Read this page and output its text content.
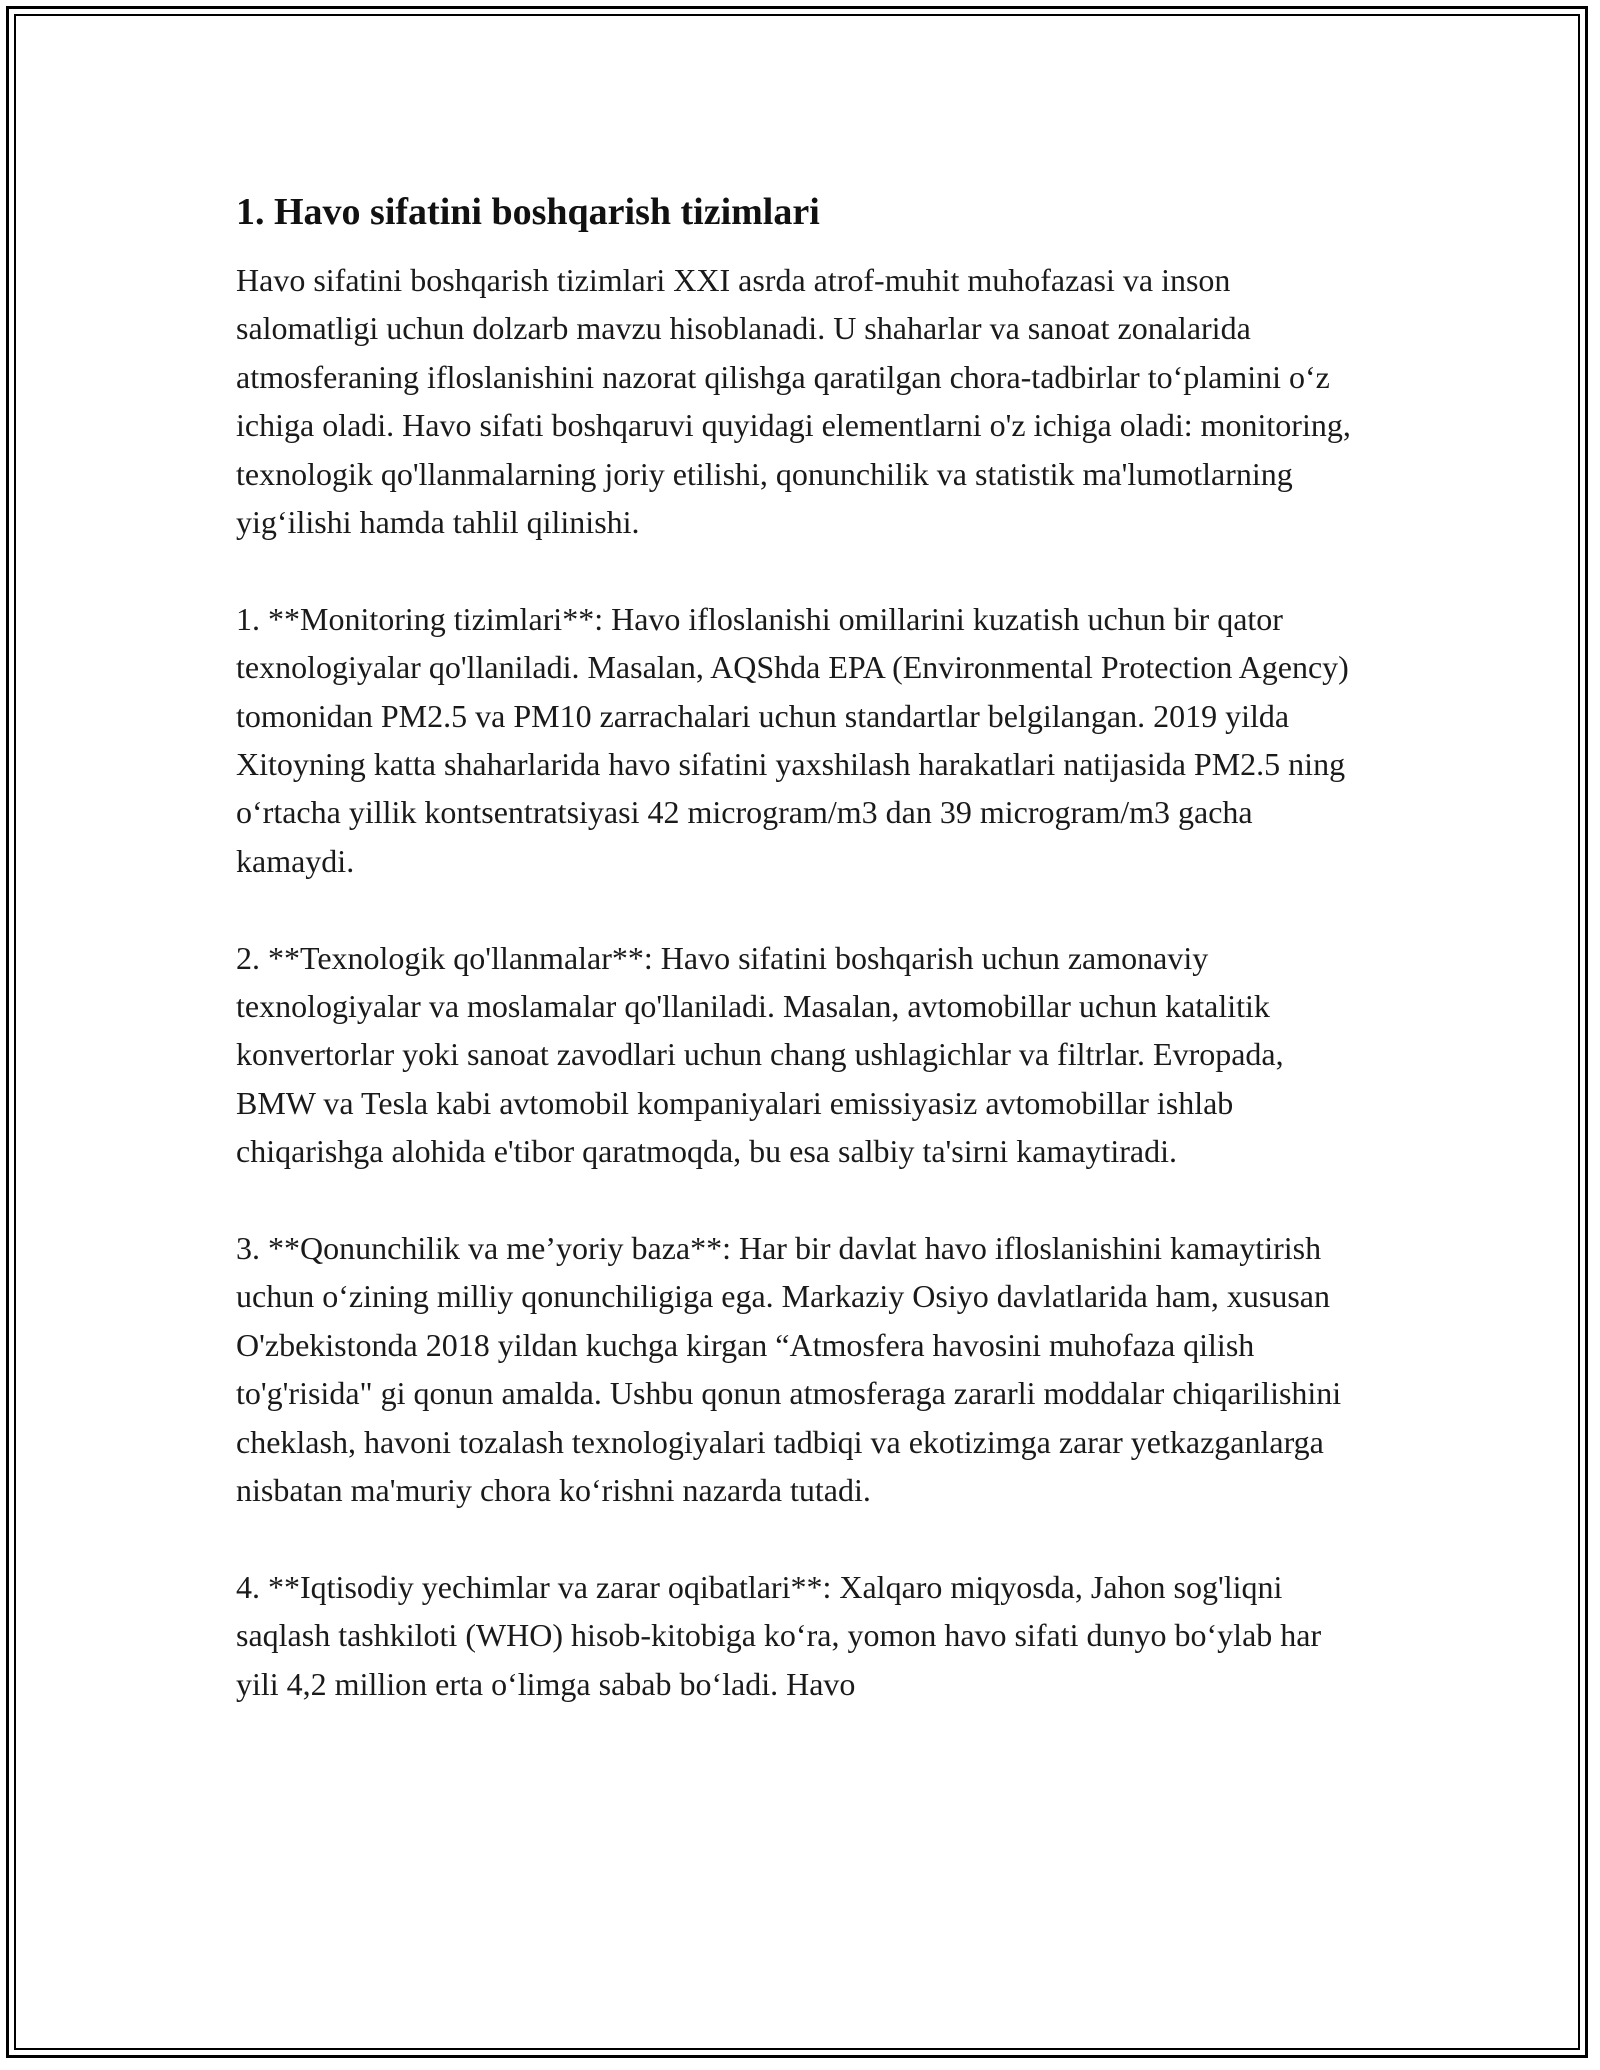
1. Havo sifatini boshqarish tizimlari

Havo sifatini boshqarish tizimlari XXI asrda atrof-muhit muhofazasi va inson salomatligi uchun dolzarb mavzu hisoblanadi. U shaharlar va sanoat zonalarida atmosferaning ifloslanishini nazorat qilishga qaratilgan chora-tadbirlar to‘plamini o‘z ichiga oladi. Havo sifati boshqaruvi quyidagi elementlarni o'z ichiga oladi: monitoring, texnologik qo'llanmalarning joriy etilishi, qonunchilik va statistik ma'lumotlarning yig‘ilishi hamda tahlil qilinishi.

1. **Monitoring tizimlari**: Havo ifloslanishi omillarini kuzatish uchun bir qator texnologiyalar qo'llaniladi. Masalan, AQShda EPA (Environmental Protection Agency) tomonidan PM2.5 va PM10 zarrachalari uchun standartlar belgilangan. 2019 yilda Xitoyning katta shaharlarida havo sifatini yaxshilash harakatlari natijasida PM2.5 ning o‘rtacha yillik kontsentratsiyasi 42 microgram/m3 dan 39 microgram/m3 gacha kamaydi.

2. **Texnologik qo'llanmalar**: Havo sifatini boshqarish uchun zamonaviy texnologiyalar va moslamalar qo'llaniladi. Masalan, avtomobillar uchun katalitik konvertorlar yoki sanoat zavodlari uchun chang ushlagichlar va filtrlar. Evropada, BMW va Tesla kabi avtomobil kompaniyalari emissiyasiz avtomobillar ishlab chiqarishga alohida e'tibor qaratmoqda, bu esa salbiy ta'sirni kamaytiradi.

3. **Qonunchilik va me’yoriy baza**: Har bir davlat havo ifloslanishini kamaytirish uchun o‘zining milliy qonunchiligiga ega. Markaziy Osiyo davlatlarida ham, xususan O'zbekistonda 2018 yildan kuchga kirgan “Atmosfera havosini muhofaza qilish to'g'risida" gi qonun amalda. Ushbu qonun atmosferaga zararli moddalar chiqarilishini cheklash, havoni tozalash texnologiyalari tadbiqi va ekotizimga zarar yetkazganlarga nisbatan ma'muriy chora ko‘rishni nazarda tutadi.

4. **Iqtisodiy yechimlar va zarar oqibatlari**: Xalqaro miqyosda, Jahon sog'liqni saqlash tashkiloti (WHO) hisob-kitobiga ko‘ra, yomon havo sifati dunyo bo‘ylab har yili 4,2 million erta o‘limga sabab bo‘ladi. Havo
